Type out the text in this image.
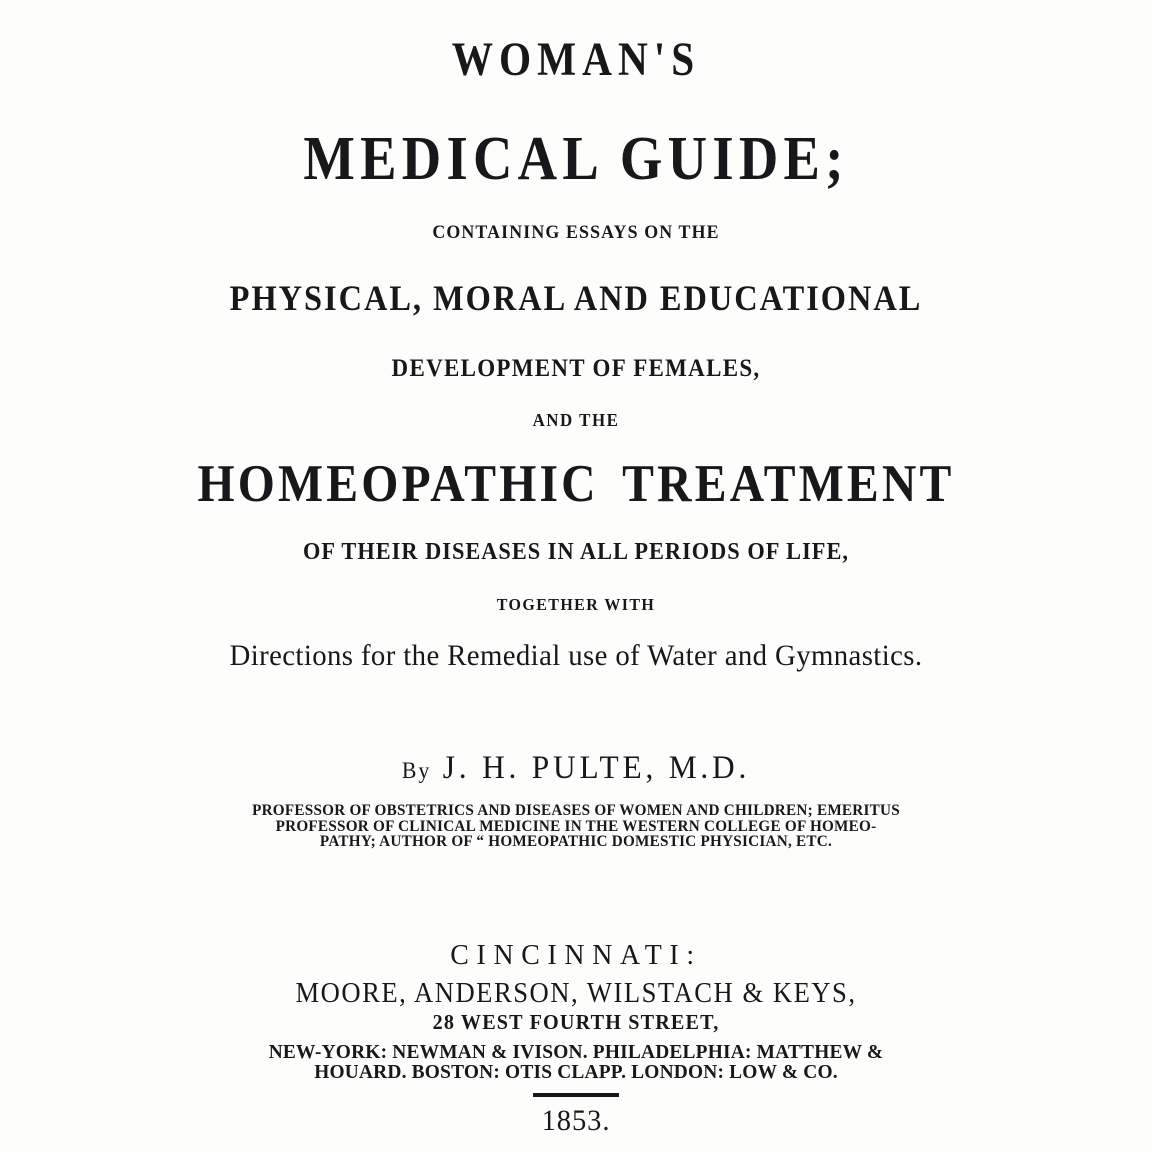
WOMAN'S
MEDICAL GUIDE;
CONTAINING ESSAYS ON THE
PHYSICAL, MORAL AND EDUCATIONAL
DEVELOPMENT OF FEMALES,
AND THE
HOMEOPATHIC TREATMENT
OF THEIR DISEASES IN ALL PERIODS OF LIFE,
TOGETHER WITH
Directions for the Remedial use of Water and Gymnastics.
By J. H. PULTE, M.D.
PROFESSOR OF OBSTETRICS AND DISEASES OF WOMEN AND CHILDREN; EMERITUS
PROFESSOR OF CLINICAL MEDICINE IN THE WESTERN COLLEGE OF HOMEO-
PATHY; AUTHOR OF “ HOMEOPATHIC DOMESTIC PHYSICIAN, ETC.
CINCINNATI:
MOORE, ANDERSON, WILSTACH & KEYS,
28 WEST FOURTH STREET,
NEW-YORK: NEWMAN & IVISON. PHILADELPHIA: MATTHEW &
HOUARD. BOSTON: OTIS CLAPP. LONDON: LOW & CO.
1853.
